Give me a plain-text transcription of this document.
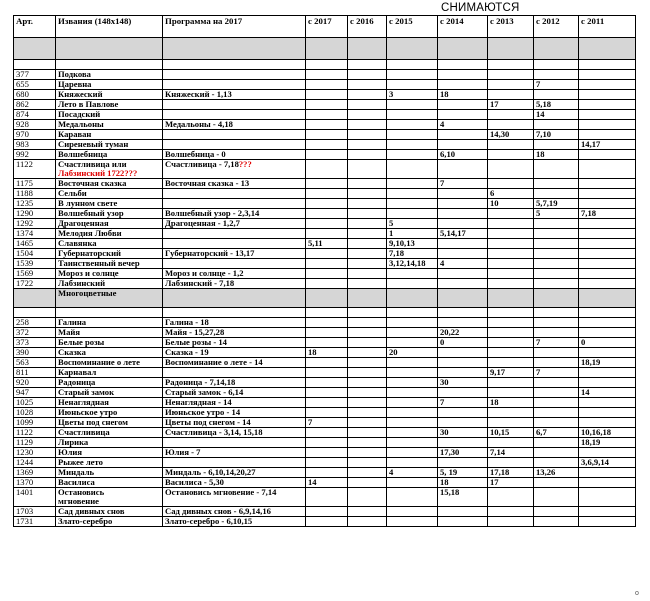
СНИМАЮТСЯ
Арт.	Извания (148х148)	Программа на 2017	с 2017	с 2016	с 2015	с 2014	с 2013	с 2012	с 2011

377	Подкова								
655	Царевна							7	
680	Княжеский	Княжеский - 1,13			3	18			
862	Лето в Павлове						17	5,18	
874	Посадский							14	
928	Медальоны	Медальоны - 4,18				4			
970	Караван						14,30	7,10	
983	Сиреневый туман								14,17
992	Волшебница	Волшебница - 0				6,10		18	
1122	Счастливица или
Лабзинский 1722???	Счастливица - 7,18???							
1175	Восточная сказка	Восточная сказка - 13				7			
1188	Сельби						6		
1235	В лунном свете						10	5,7,19	
1290	Волшебный узор	Волшебный узор - 2,3,14						5	7,18
1292	Драгоценная	Драгоценная - 1,2,7			5				
1374	Мелодия Любви				1	5,14,17			
1465	Славянка		5,11		9,10,13				
1504	Губернаторский	Губернаторский - 13,17			7,18				
1539	Таинственный вечер				3,12,14,18	4			
1569	Мороз и солнце	Мороз и солнце - 1,2							
1722	Лабзинский	Лабзинский - 7,18							
	Многоцветные								

258	Галина	Галина - 18							
372	Майя	Майя - 15,27,28				20,22			
373	Белые розы	Белые розы - 14				0		7	0
390	Сказка	Сказка - 19	18		20				
563	Воспоминание о лете	Воспоминание о лете - 14							18,19
811	Карнавал						9,17	7	
920	Радоница	Радоница - 7,14,18				30			
947	Старый замок	Старый замок - 6,14							14
1025	Ненаглядная	Ненаглядная - 14				7	18		
1028	Июньское утро	Июньское утро - 14							
1099	Цветы под снегом	Цветы под снегом - 14	7						
1122	Счастливица	Счастливица - 3,14, 15,18				30	10,15	6,7	10,16,18
1129	Лирика								18,19
1230	Юлия	Юлия - 7				17,30	7,14		
1244	Рыжее лето								3,6,9,14
1369	Миндаль	Миндаль - 6,10,14,20,27			4	5, 19	17,18	13,26	
1370	Василиса	Василиса - 5,30	14			18	17		
1401	Остановись
мгновение	Остановись мгновение - 7,14				15,18			
1703	Сад дивных снов	Сад дивных снов - 6,9,14,16							
1731	Злато-серебро	Злато-серебро - 6,10,15							
o
